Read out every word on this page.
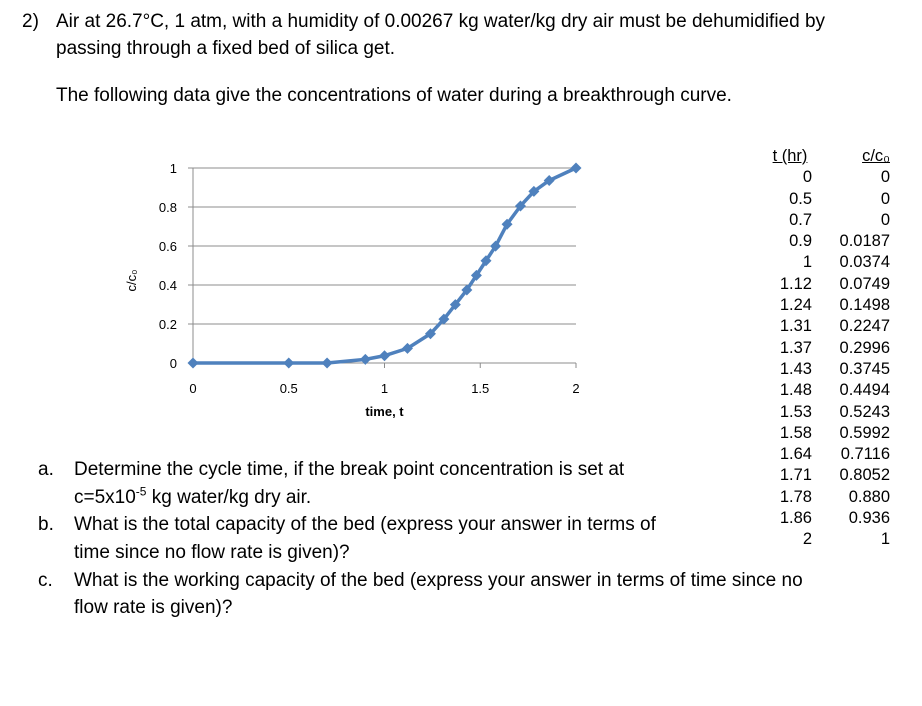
2) Air at 26.7°C, 1 atm, with a humidity of 0.00267 kg water/kg dry air must be dehumidified by
passing through a fixed bed of silica get.
The following data give the concentrations of water during a breakthrough curve.
0
0.2
0.4
0.6
0.8
1
0	0.5	1	1.5	2
time, t
c/c₀
t (hr)	c/c₀
0	0
0.5	0
0.7	0
0.9	0.0187
1	0.0374
1.12	0.0749
1.24	0.1498
1.31	0.2247
1.37	0.2996
1.43	0.3745
1.48	0.4494
1.53	0.5243
1.58	0.5992
1.64	0.7116
1.71	0.8052
1.78	0.880
1.86	0.936
2	1
a. Determine the cycle time, if the break point concentration is set at
$c=5x10^{-5}$ kg water/kg dry air.
b. What is the total capacity of the bed (express your answer in terms of
time since no flow rate is given)?
c. What is the working capacity of the bed (express your answer in terms of time since no
flow rate is given)?
